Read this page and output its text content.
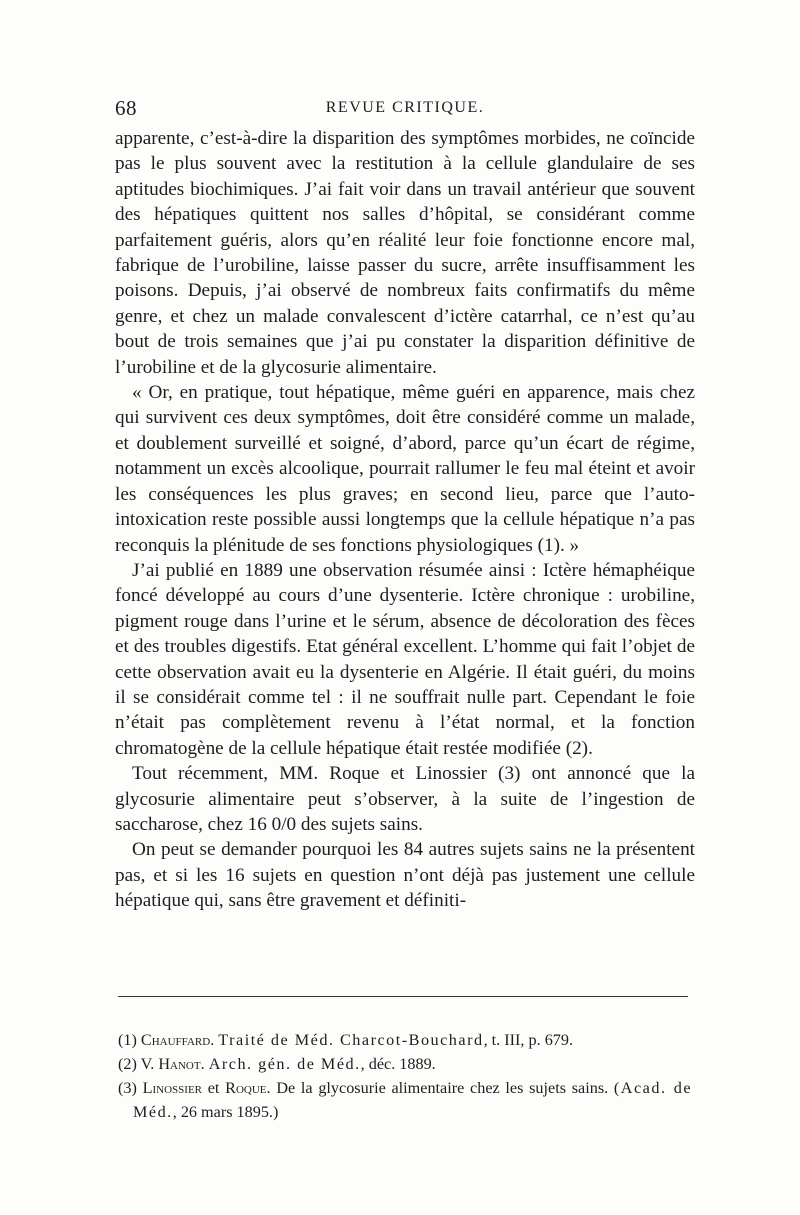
68	REVUE CRITIQUE.

apparente, c’est-à-dire la disparition des symptômes morbides, ne coïncide pas le plus souvent avec la restitution à la cellule glandulaire de ses aptitudes biochimiques. J’ai fait voir dans un travail antérieur que souvent des hépatiques quittent nos salles d’hôpital, se considérant comme parfaitement guéris, alors qu’en réalité leur foie fonctionne encore mal, fabrique de l’urobiline, laisse passer du sucre, arrête insuffisamment les poisons. Depuis, j’ai observé de nombreux faits confirmatifs du même genre, et chez un malade convalescent d’ictère catarrhal, ce n’est qu’au bout de trois semaines que j’ai pu constater la disparition définitive de l’urobiline et de la glycosurie alimentaire.

« Or, en pratique, tout hépatique, même guéri en apparence, mais chez qui survivent ces deux symptômes, doit être considéré comme un malade, et doublement surveillé et soigné, d’abord, parce qu’un écart de régime, notamment un excès alcoolique, pourrait rallumer le feu mal éteint et avoir les conséquences les plus graves; en second lieu, parce que l’auto-intoxication reste possible aussi longtemps que la cellule hépatique n’a pas reconquis la plénitude de ses fonctions physiologiques (1). »

J’ai publié en 1889 une observation résumée ainsi : Ictère hémaphéique foncé développé au cours d’une dysenterie. Ictère chronique : urobiline, pigment rouge dans l’urine et le sérum, absence de décoloration des fèces et des troubles digestifs. Etat général excellent. L’homme qui fait l’objet de cette observation avait eu la dysenterie en Algérie. Il était guéri, du moins il se considérait comme tel : il ne souffrait nulle part. Cependant le foie n’était pas complètement revenu à l’état normal, et la fonction chromatogène de la cellule hépatique était restée modifiée (2).

Tout récemment, MM. Roque et Linossier (3) ont annoncé que la glycosurie alimentaire peut s’observer, à la suite de l’ingestion de saccharose, chez 16 0/0 des sujets sains.

On peut se demander pourquoi les 84 autres sujets sains ne la présentent pas, et si les 16 sujets en question n’ont déjà pas justement une cellule hépatique qui, sans être gravement et définiti-

(1) Chauffard. Traité de Méd. Charcot-Bouchard, t. III, p. 679.

(2) V. Hanot. Arch. gén. de Méd., déc. 1889.

(3) Linossier et Roque. De la glycosurie alimentaire chez les sujets sains. (Acad. de Méd., 26 mars 1895.)
